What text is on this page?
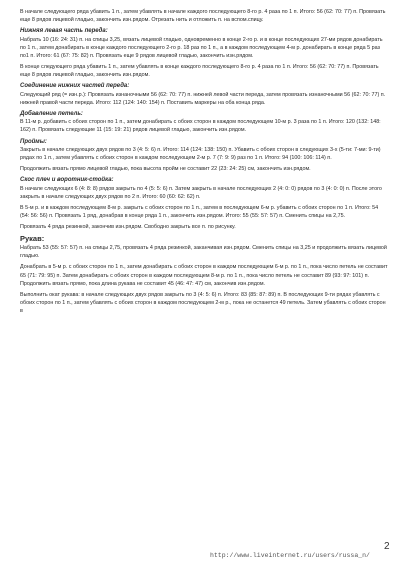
В начале следующего ряда убавить 1 п., затем убавлять в начале каждого последующего 8-го р. 4 раза по 1 п. Итого: 56 (62: 70: 77) п. Провязать еще 8 рядов лицевой гладью, закончить изн.рядом. Отрезать нить и отложить п. на вспом.спицу.
Нижняя левая часть переда:
Набрать 10 (16: 24: 31) п. на спицы 3,25, вязать лицевой гладью, одновременно в конце 2-го р. и в конце последующих 27-ми рядов донабирать по 1 п., затем донабирать в конце каждого последующего 2-го р. 18 раз по 1 п., а в каждом последующем 4-м р. донабирать в конце ряда 5 раз по1 п. Итого: 61 (67: 75: 82) п. Провязать еще 9 рядов лицевой гладью, закончить изн.рядом.
В конце следующего ряда убавить 1 п., затем убавлять в конце каждого последующего 8-го р. 4 раза по 1 п. Итого: 56 (62: 70: 77) п. Провязать еще 8 рядов лицевой гладью, закончить изн.рядом.
Соединение нижних частей переда:
Следующий ряд (= изн.р.): Провязать изнаночными 56 (62: 70: 77) п. нижней левой части переда, затем провязать изнаночными 56 (62: 70: 77) п. нижней правой части переда. Итого: 112 (124: 140: 154) п. Поставить маркеры на оба конца ряда.
Добавление петель:
В 11-м р. добавить с обоих сторон по 1 п., затем донабирать с обоих сторон в каждом последующем 10-м р. 3 раза по 1 п. Итого: 120 (132: 148: 162) п. Провязать следующие 11 (15: 19: 21) рядов лицевой гладью, закончить изн.рядом.
Проймы:
Закрыть в начале следующих двух рядов по 3 (4: 5: 6) п. Итого: 114 (124: 138: 150) п. Убавить с обоих сторон в следующих 3-х (5-ти: 7-ми: 9-ти) рядах по 1 п., затем убавлять с обоих сторон в каждом последующем 2-м р. 7 (7: 9: 9) раз по 1 п. Итого: 94 (100: 106: 114) п.
Продолжить вязать прямо лицевой гладью, пока высота пройм не составит 22 (23: 24: 25) см, закончить изн.рядом.
Скос плеч и воротник-стойка:
В начале следующих 6 (4: 8: 8) рядов закрыть по 4 (5: 5: 6) п. Затем закрыть в начале последующих 2 (4: 0: 0) рядов по 3 (4: 0: 0) п. После этого закрыть в начале следующих двух рядов по 2 п. Итого: 60 (60: 62: 62) п.
В 5-м р. и в каждом последующем 8-м р. закрыть с обоих сторон по 1 п., затем в последующем 6-м р. убавить с обоих сторон по 1 п. Итого: 54 (54: 56: 56) п. Провязать 1 ряд, донабрав в конце ряда 1 п., закончить изн.рядом. Итого: 55 (55: 57: 57) п. Сменить спицы на 2,75.
Провязать 4 ряда резинкой, закончив изн.рядом. Свободно закрыть все п. по рисунку.
Рукав:
Набрать 53 (55: 57: 57) п. на спицы 2,75, провязать 4 ряда резинкой, заканчивая изн.рядом. Сменить спицы на 3,25 и продолжить вязать лицевой гладью.
Донабрать в 5-м р. с обоих сторон по 1 п., затем донабирать с обоих сторон в каждом последующем 6-м р. по 1 п., пока число петель не составит 65 (71: 79: 95) п. Затем донабирать с обоих сторон в каждом последующем 8-м р. по 1 п., пока число петель не составит 89 (93: 97: 101) п. Продолжить вязать прямо, пока длина рукава не составит 45 (46: 47: 47) см, закончив изн.рядом.
Выполнить окат рукава: в начале следующих двух рядов закрыть по 3 (4: 5: 6) п. Итого: 83 (85: 87: 89) п. В последующих 9-ти рядах убавлять с обоих сторон по 1 п., затем убавлять с обоих сторон в каждом последующем 2-м р., пока не останется 49 петель. Затем убавлять с обоих сторон в
http://www.liveinternet.ru/users/russa_n/
2
